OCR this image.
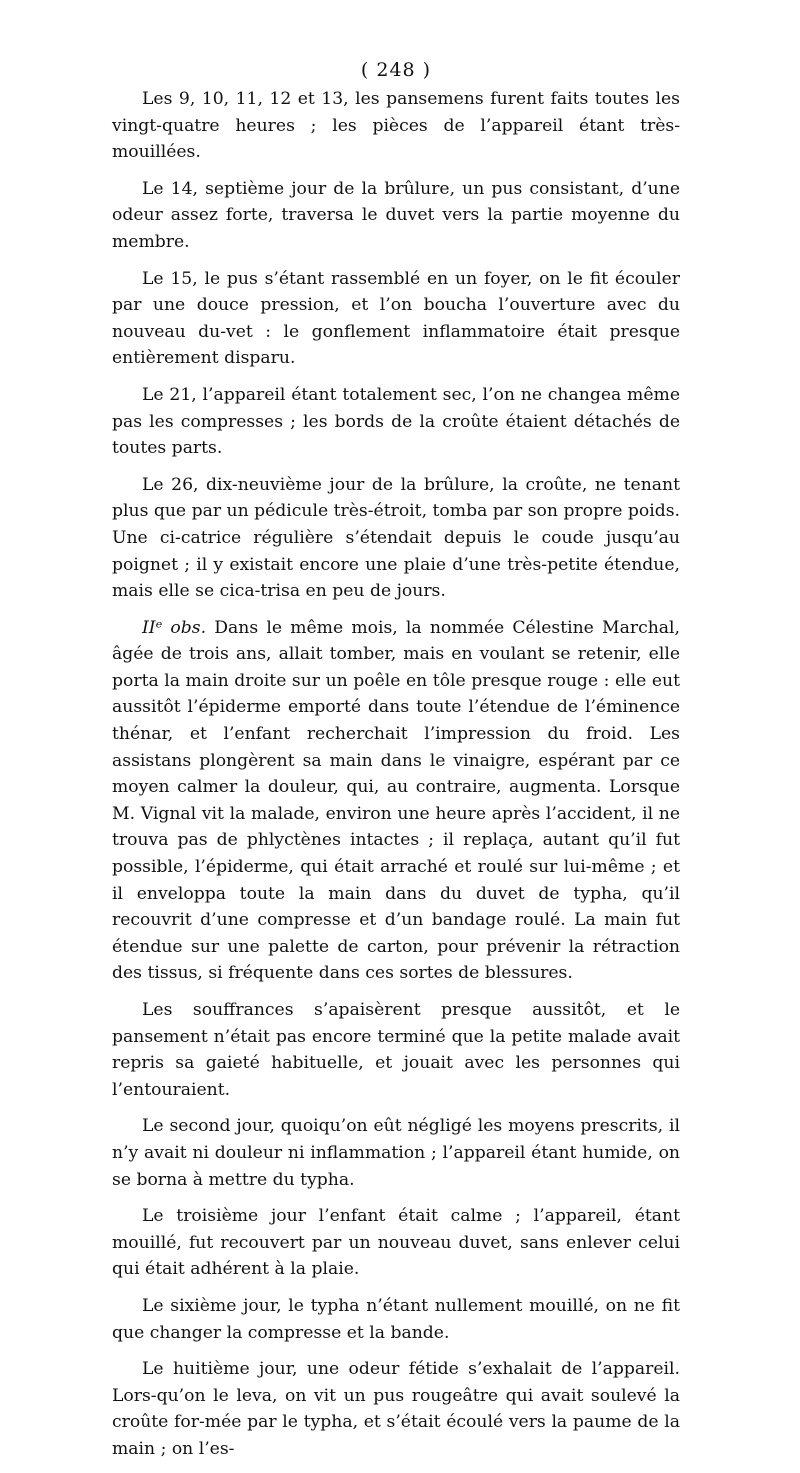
( 248 )

Les 9, 10, 11, 12 et 13, les pansemens furent faits toutes les vingt-quatre heures ; les pièces de l’appareil étant très-mouillées.

Le 14, septième jour de la brûlure, un pus consistant, d’une odeur assez forte, traversa le duvet vers la partie moyenne du membre.

Le 15, le pus s’étant rassemblé en un foyer, on le fit écouler par une douce pression, et l’on boucha l’ouverture avec du nouveau du-vet : le gonflement inflammatoire était presque entièrement disparu.

Le 21, l’appareil étant totalement sec, l’on ne changea même pas les compresses ; les bords de la croûte étaient détachés de toutes parts.

Le 26, dix-neuvième jour de la brûlure, la croûte, ne tenant plus que par un pédicule très-étroit, tomba par son propre poids. Une ci-catrice régulière s’étendait depuis le coude jusqu’au poignet ; il y existait encore une plaie d’une très-petite étendue, mais elle se cica-trisa en peu de jours.

IIᵉ obs. Dans le même mois, la nommée Célestine Marchal, âgée de trois ans, allait tomber, mais en voulant se retenir, elle porta la main droite sur un poêle en tôle presque rouge : elle eut aussitôt l’épiderme emporté dans toute l’étendue de l’éminence thénar, et l’enfant recherchait l’impression du froid. Les assistans plongèrent sa main dans le vinaigre, espérant par ce moyen calmer la douleur, qui, au contraire, augmenta. Lorsque M. Vignal vit la malade, environ une heure après l’accident, il ne trouva pas de phlyctènes intactes ; il replaça, autant qu’il fut possible, l’épiderme, qui était arraché et roulé sur lui-même ; et il enveloppa toute la main dans du duvet de typha, qu’il recouvrit d’une compresse et d’un bandage roulé. La main fut étendue sur une palette de carton, pour prévenir la rétraction des tissus, si fréquente dans ces sortes de blessures.

Les souffrances s’apaisèrent presque aussitôt, et le pansement n’était pas encore terminé que la petite malade avait repris sa gaieté habituelle, et jouait avec les personnes qui l’entouraient.

Le second jour, quoiqu’on eût négligé les moyens prescrits, il n’y avait ni douleur ni inflammation ; l’appareil étant humide, on se borna à mettre du typha.

Le troisième jour l’enfant était calme ; l’appareil, étant mouillé, fut recouvert par un nouveau duvet, sans enlever celui qui était adhérent à la plaie.

Le sixième jour, le typha n’étant nullement mouillé, on ne fit que changer la compresse et la bande.

Le huitième jour, une odeur fétide s’exhalait de l’appareil. Lors-qu’on le leva, on vit un pus rougeâtre qui avait soulevé la croûte for-mée par le typha, et s’était écoulé vers la paume de la main ; on l’es-
